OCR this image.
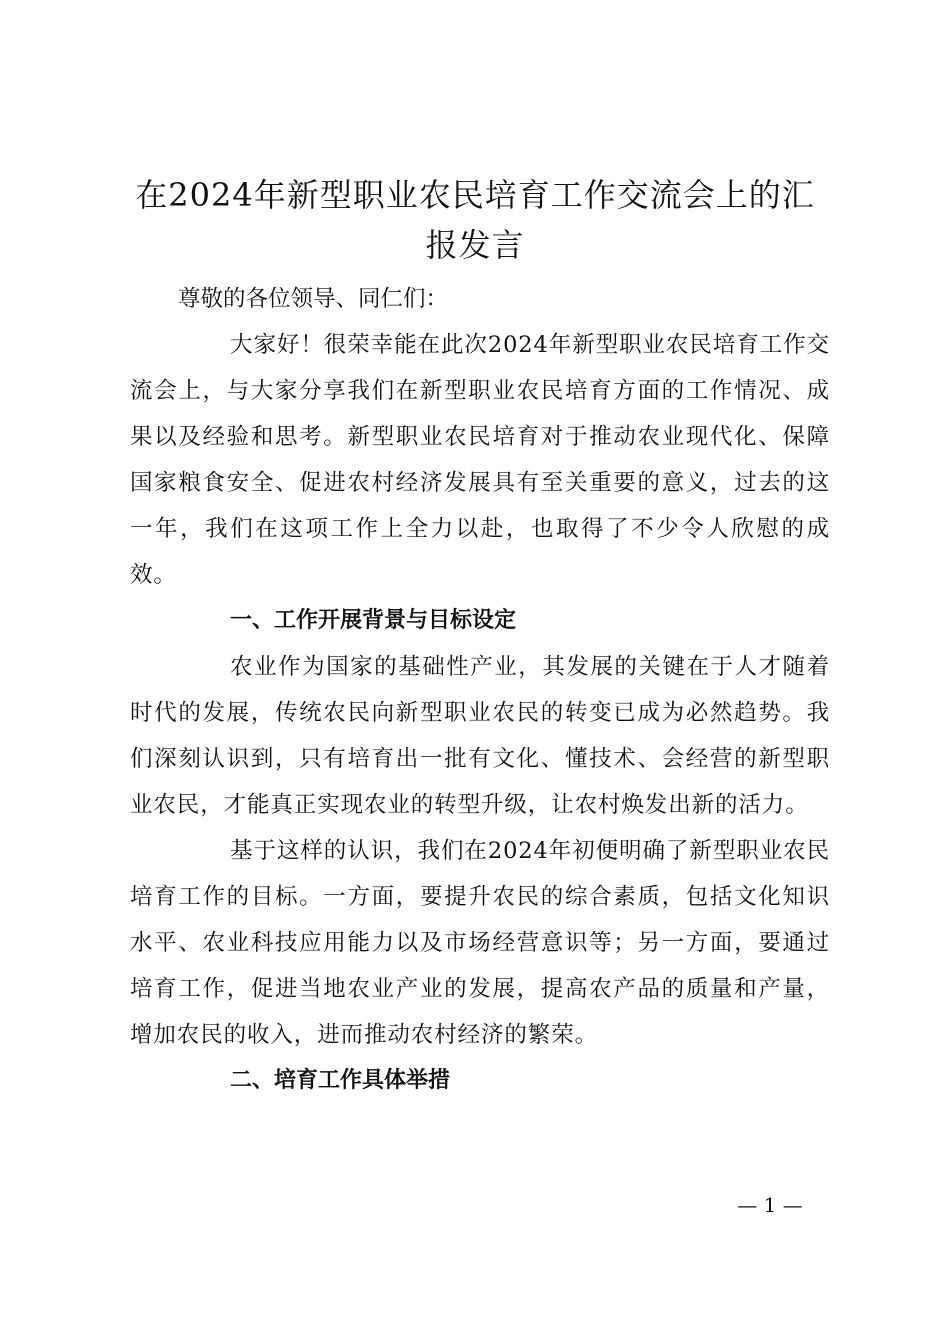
在2024年新型职业农民培育工作交流会上的汇报发言

尊敬的各位领导、同仁们：

大家好！很荣幸能在此次2024年新型职业农民培育工作交流会上，与大家分享我们在新型职业农民培育方面的工作情况、成果以及经验和思考。新型职业农民培育对于推动农业现代化、保障国家粮食安全、促进农村经济发展具有至关重要的意义，过去的这一年，我们在这项工作上全力以赴，也取得了不少令人欣慰的成效。

一、工作开展背景与目标设定

农业作为国家的基础性产业，其发展的关键在于人才随着时代的发展，传统农民向新型职业农民的转变已成为必然趋势。我们深刻认识到，只有培育出一批有文化、懂技术、会经营的新型职业农民，才能真正实现农业的转型升级，让农村焕发出新的活力。

基于这样的认识，我们在2024年初便明确了新型职业农民培育工作的目标。一方面，要提升农民的综合素质，包括文化知识水平、农业科技应用能力以及市场经营意识等；另一方面，要通过培育工作，促进当地农业产业的发展，提高农产品的质量和产量，增加农民的收入，进而推动农村经济的繁荣。

二、培育工作具体举措

— 1 —
